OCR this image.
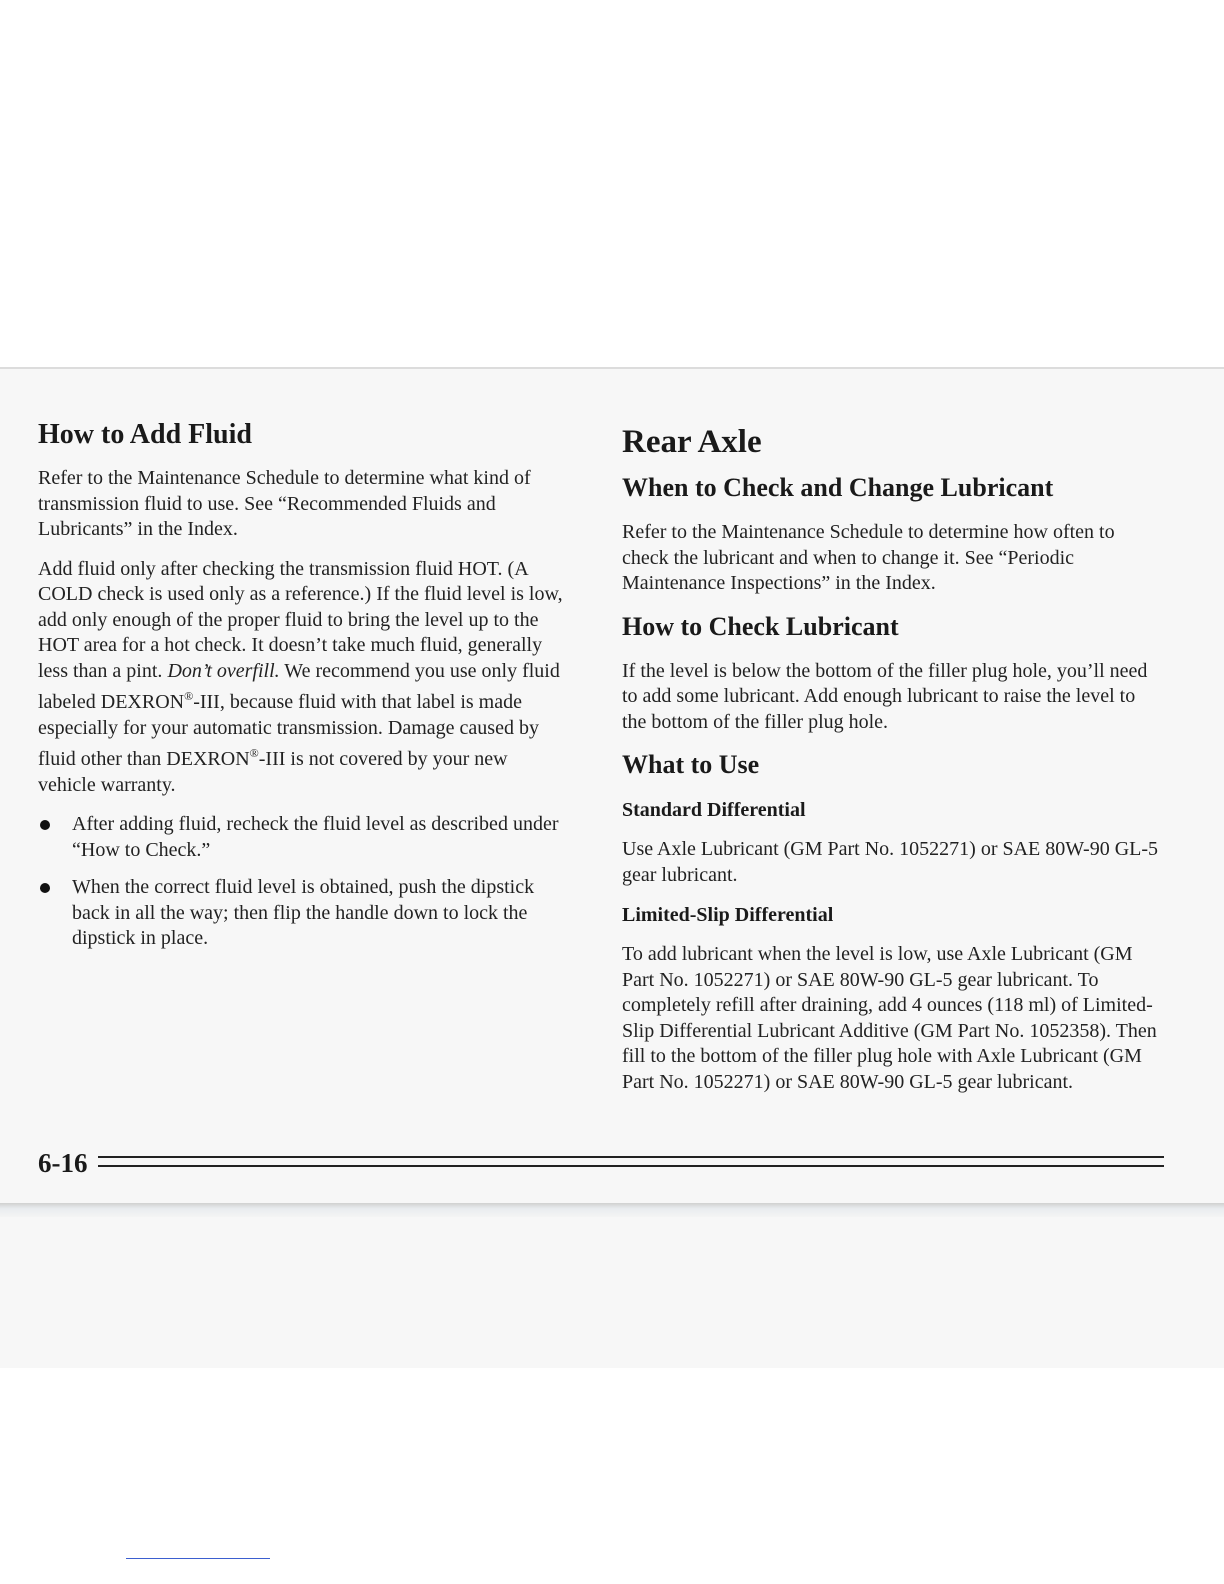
How to Add Fluid

Refer to the Maintenance Schedule to determine what kind of transmission fluid to use. See “Recommended Fluids and Lubricants” in the Index.

Add fluid only after checking the transmission fluid HOT. (A COLD check is used only as a reference.) If the fluid level is low, add only enough of the proper fluid to bring the level up to the HOT area for a hot check. It doesn’t take much fluid, generally less than a pint. Don’t overfill. We recommend you use only fluid labeled DEXRON®-III, because fluid with that label is made especially for your automatic transmission. Damage caused by fluid other than DEXRON®-III is not covered by your new vehicle warranty.

After adding fluid, recheck the fluid level as described under “How to Check.”
When the correct fluid level is obtained, push the dipstick back in all the way; then flip the handle down to lock the dipstick in place.
Rear Axle
When to Check and Change Lubricant

Refer to the Maintenance Schedule to determine how often to check the lubricant and when to change it. See “Periodic Maintenance Inspections” in the Index.

How to Check Lubricant

If the level is below the bottom of the filler plug hole, you’ll need to add some lubricant. Add enough lubricant to raise the level to the bottom of the filler plug hole.

What to Use
Standard Differential

Use Axle Lubricant (GM Part No. 1052271) or SAE 80W-90 GL-5 gear lubricant.

Limited-Slip Differential

To add lubricant when the level is low, use Axle Lubricant (GM Part No. 1052271) or SAE 80W-90 GL-5 gear lubricant. To completely refill after draining, add 4 ounces (118 ml) of Limited-Slip Differential Lubricant Additive (GM Part No. 1052358). Then fill to the bottom of the filler plug hole with Axle Lubricant (GM Part No. 1052271) or SAE 80W-90 GL-5 gear lubricant.

6-16
